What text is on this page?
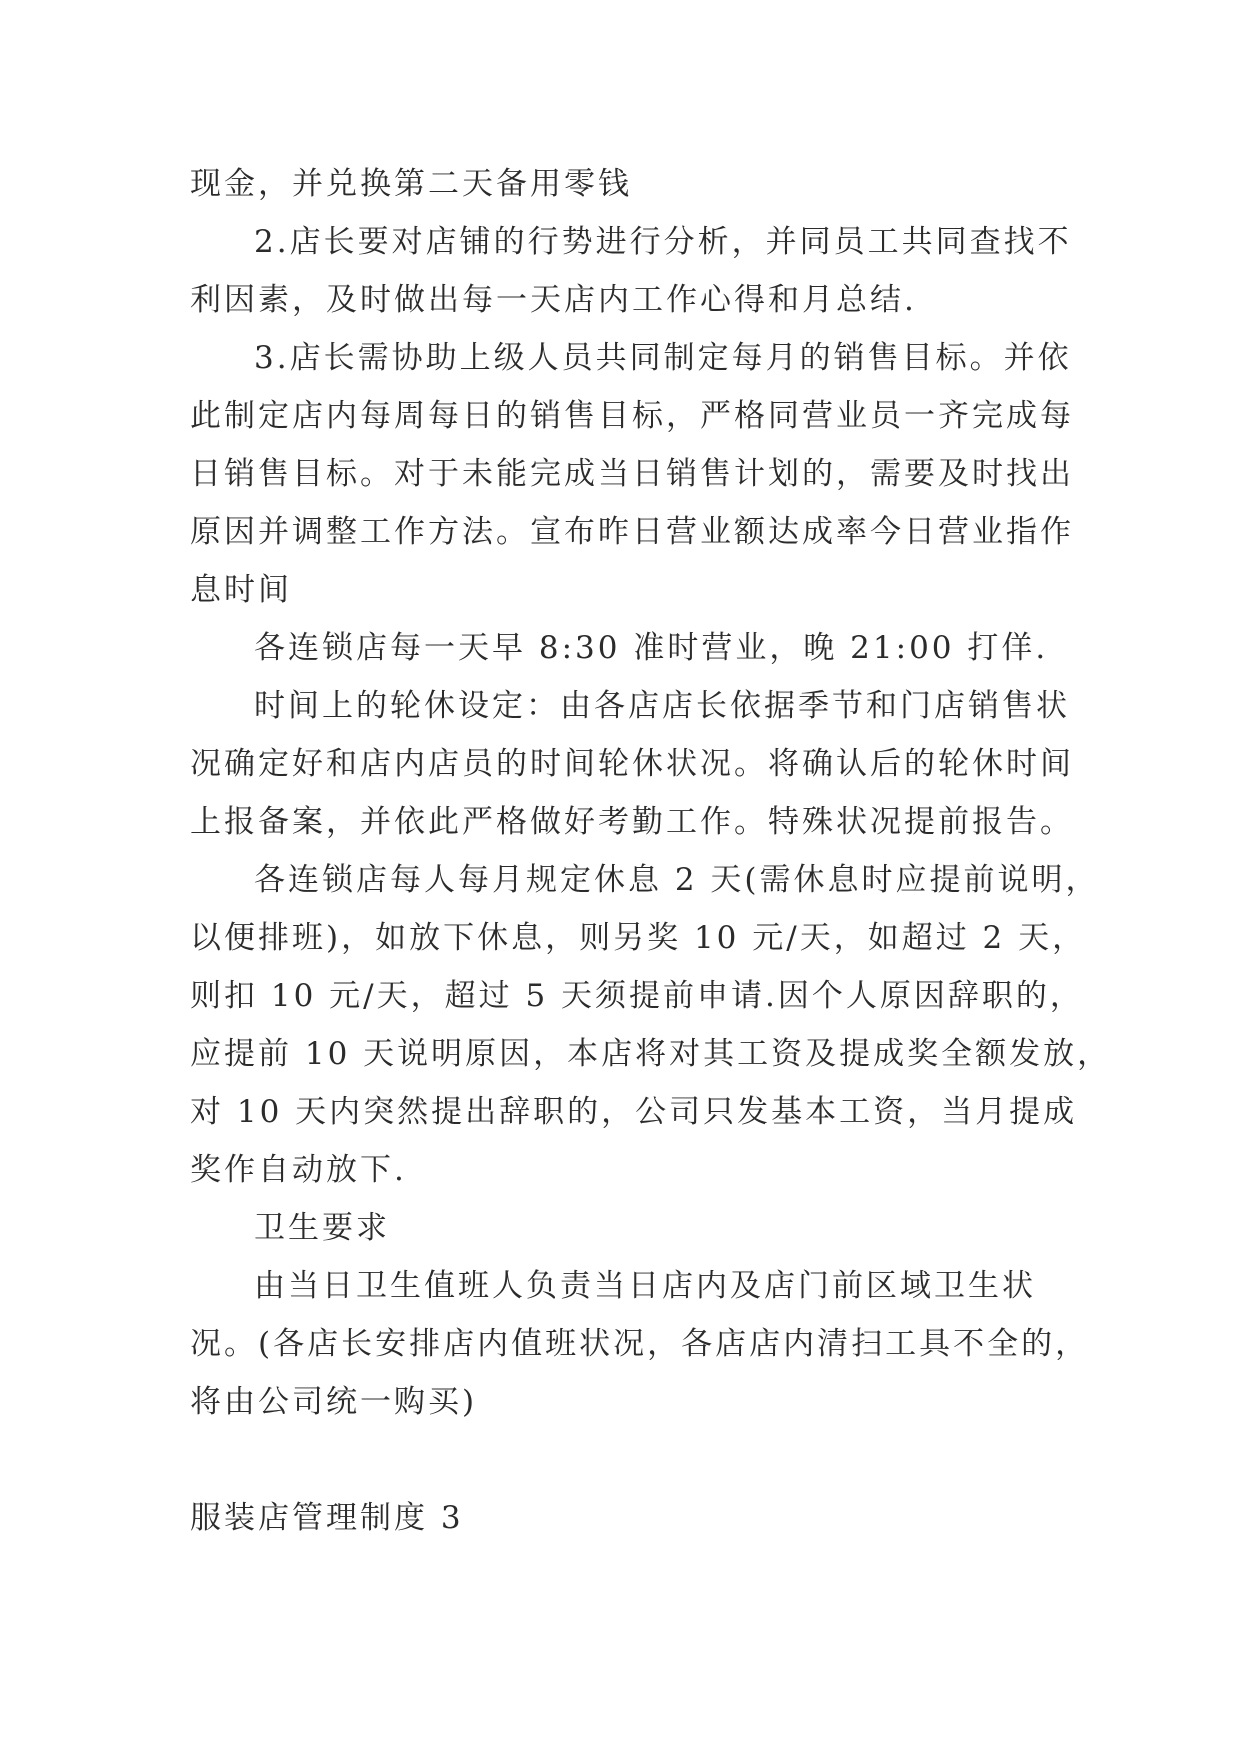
现金，并兑换第二天备用零钱
2.店长要对店铺的行势进行分析，并同员工共同查找不
利因素，及时做出每一天店内工作心得和月总结.
3.店长需协助上级人员共同制定每月的销售目标。并依
此制定店内每周每日的销售目标，严格同营业员一齐完成每
日销售目标。对于未能完成当日销售计划的，需要及时找出
原因并调整工作方法。宣布昨日营业额达成率今日营业指作
息时间
各连锁店每一天早 8:30 准时营业，晚 21:00 打佯.
时间上的轮休设定：由各店店长依据季节和门店销售状
况确定好和店内店员的时间轮休状况。将确认后的轮休时间
上报备案，并依此严格做好考勤工作。特殊状况提前报告。
各连锁店每人每月规定休息 2 天(需休息时应提前说明，
以便排班)，如放下休息，则另奖 10 元/天，如超过 2 天，
则扣 10 元/天，超过 5 天须提前申请.因个人原因辞职的，
应提前 10 天说明原因，本店将对其工资及提成奖全额发放，
对 10 天内突然提出辞职的，公司只发基本工资，当月提成
奖作自动放下.
卫生要求
由当日卫生值班人负责当日店内及店门前区域卫生状
况。(各店长安排店内值班状况，各店店内清扫工具不全的，
将由公司统一购买)
服装店管理制度 3
